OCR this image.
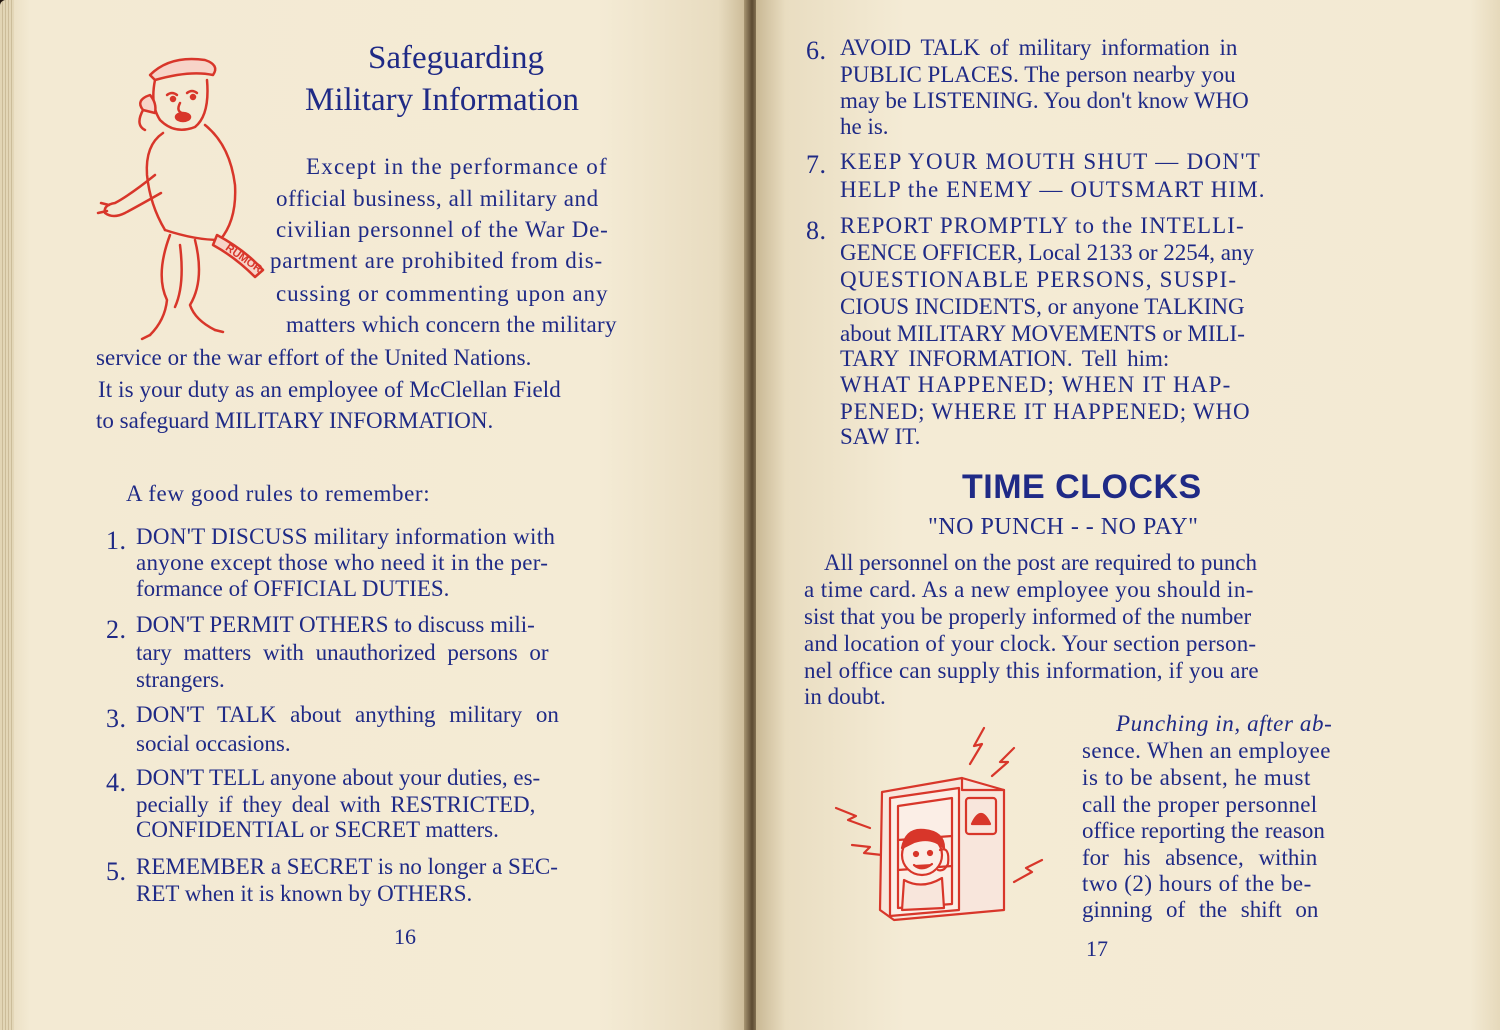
RUMOR
Safeguarding
Military Information
Except in the performance of
official business, all military and
civilian personnel of the War De-
partment are prohibited from dis-
cussing or commenting upon any
matters which concern the military
service or the war effort of the United Nations.
It is your duty as an employee of McClellan Field
to safeguard MILITARY INFORMATION.
A few good rules to remember:
1. DON'T DISCUSS military information with
anyone except those who need it in the per-
formance of OFFICIAL DUTIES.
2. DON'T PERMIT OTHERS to discuss mili-
tary matters with unauthorized persons or
strangers.
3. DON'T TALK about anything military on
social occasions.
4. DON'T TELL anyone about your duties, es-
pecially if they deal with RESTRICTED,
CONFIDENTIAL or SECRET matters.
5. REMEMBER a SECRET is no longer a SEC-
RET when it is known by OTHERS.
16
6. AVOID TALK of military information in
PUBLIC PLACES. The person nearby you
may be LISTENING. You don't know WHO
he is.
7. KEEP YOUR MOUTH SHUT — DON'T
HELP the ENEMY — OUTSMART HIM.
8. REPORT PROMPTLY to the INTELLI-
GENCE OFFICER, Local 2133 or 2254, any
QUESTIONABLE PERSONS, SUSPI-
CIOUS INCIDENTS, or anyone TALKING
about MILITARY MOVEMENTS or MILI-
TARY INFORMATION. Tell him:
WHAT HAPPENED; WHEN IT HAP-
PENED; WHERE IT HAPPENED; WHO
SAW IT.
TIME CLOCKS
"NO PUNCH - - NO PAY"
All personnel on the post are required to punch
a time card. As a new employee you should in-
sist that you be properly informed of the number
and location of your clock. Your section person-
nel office can supply this information, if you are
in doubt.
Punching in, after ab-
sence. When an employee
is to be absent, he must
call the proper personnel
office reporting the reason
for his absence, within
two (2) hours of the be-
ginning of the shift on
17
